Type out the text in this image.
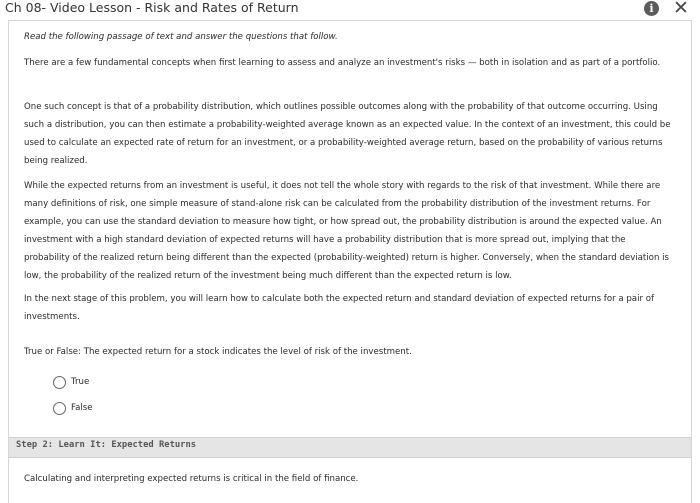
Ch 08- Video Lesson - Risk and Rates of Return	i ✕
Read the following passage of text and answer the questions that follow.
There are a few fundamental concepts when first learning to assess and analyze an investment's risks — both in isolation and as part of a portfolio.
One such concept is that of a probability distribution, which outlines possible outcomes along with the probability of that outcome occurring. Using such a distribution, you can then estimate a probability-weighted average known as an expected value. In the context of an investment, this could be used to calculate an expected rate of return for an investment, or a probability-weighted average return, based on the probability of various returns being realized.
While the expected returns from an investment is useful, it does not tell the whole story with regards to the risk of that investment. While there are many definitions of risk, one simple measure of stand-alone risk can be calculated from the probability distribution of the investment returns. For example, you can use the standard deviation to measure how tight, or how spread out, the probability distribution is around the expected value. An investment with a high standard deviation of expected returns will have a probability distribution that is more spread out, implying that the probability of the realized return being different than the expected (probability-weighted) return is higher. Conversely, when the standard deviation is low, the probability of the realized return of the investment being much different than the expected return is low.
In the next stage of this problem, you will learn how to calculate both the expected return and standard deviation of expected returns for a pair of investments.
True or False: The expected return for a stock indicates the level of risk of the investment.
True
False
Step 2: Learn It: Expected Returns
Calculating and interpreting expected returns is critical in the field of finance.
